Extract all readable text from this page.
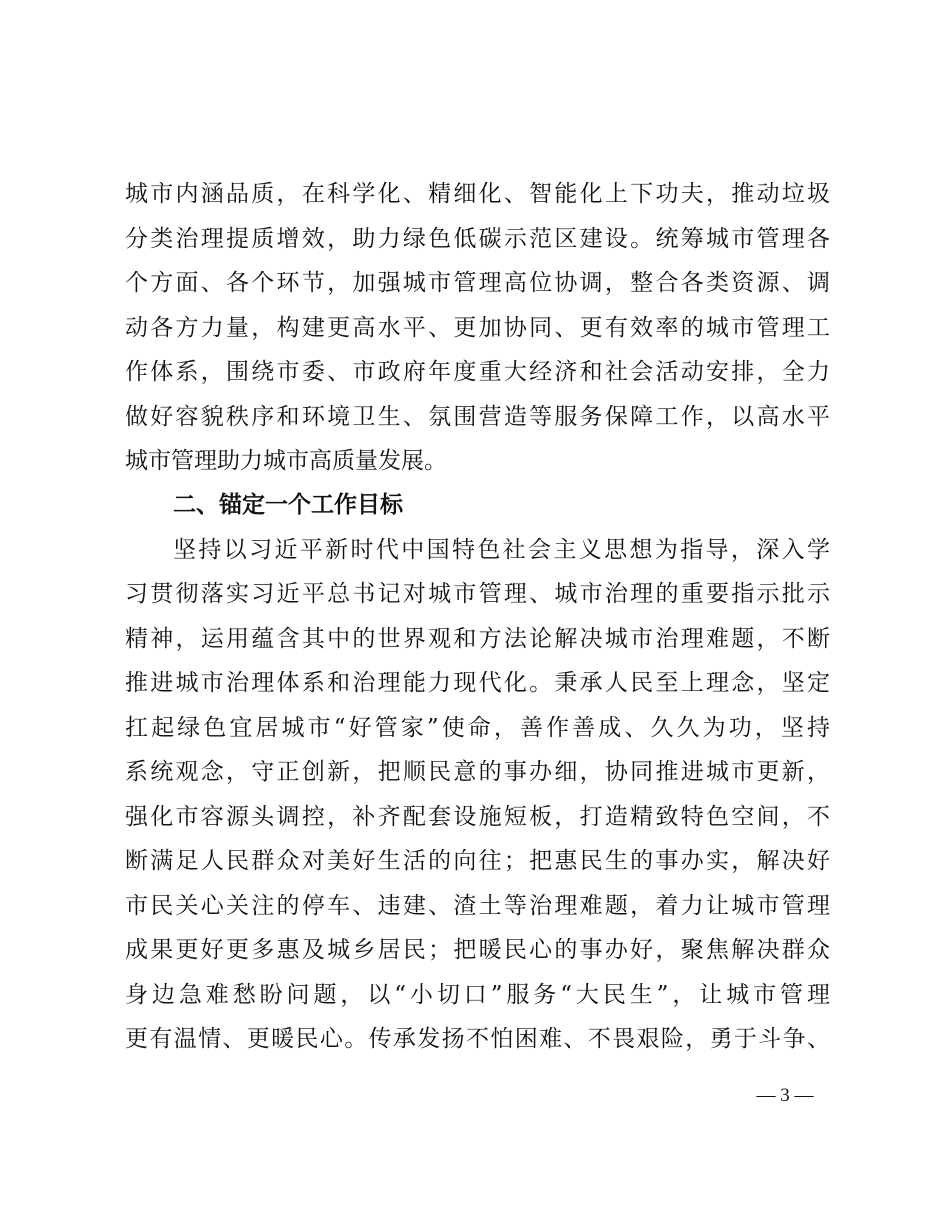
城市内涵品质，在科学化、精细化、智能化上下功夫，推动垃圾
分类治理提质增效，助力绿色低碳示范区建设。统筹城市管理各
个方面、各个环节，加强城市管理高位协调，整合各类资源、调
动各方力量，构建更高水平、更加协同、更有效率的城市管理工
作体系，围绕市委、市政府年度重大经济和社会活动安排，全力
做好容貌秩序和环境卫生、氛围营造等服务保障工作，以高水平
城市管理助力城市高质量发展。
二、锚定一个工作目标
坚持以习近平新时代中国特色社会主义思想为指导，深入学
习贯彻落实习近平总书记对城市管理、城市治理的重要指示批示
精神，运用蕴含其中的世界观和方法论解决城市治理难题，不断
推进城市治理体系和治理能力现代化。秉承人民至上理念，坚定
扛起绿色宜居城市“好管家”使命，善作善成、久久为功，坚持
系统观念，守正创新，把顺民意的事办细，协同推进城市更新，
强化市容源头调控，补齐配套设施短板，打造精致特色空间，不
断满足人民群众对美好生活的向往；把惠民生的事办实，解决好
市民关心关注的停车、违建、渣土等治理难题，着力让城市管理
成果更好更多惠及城乡居民；把暖民心的事办好，聚焦解决群众
身边急难愁盼问题，以“小切口”服务“大民生”，让城市管理
更有温情、更暖民心。传承发扬不怕困难、不畏艰险，勇于斗争、
— 3 —
